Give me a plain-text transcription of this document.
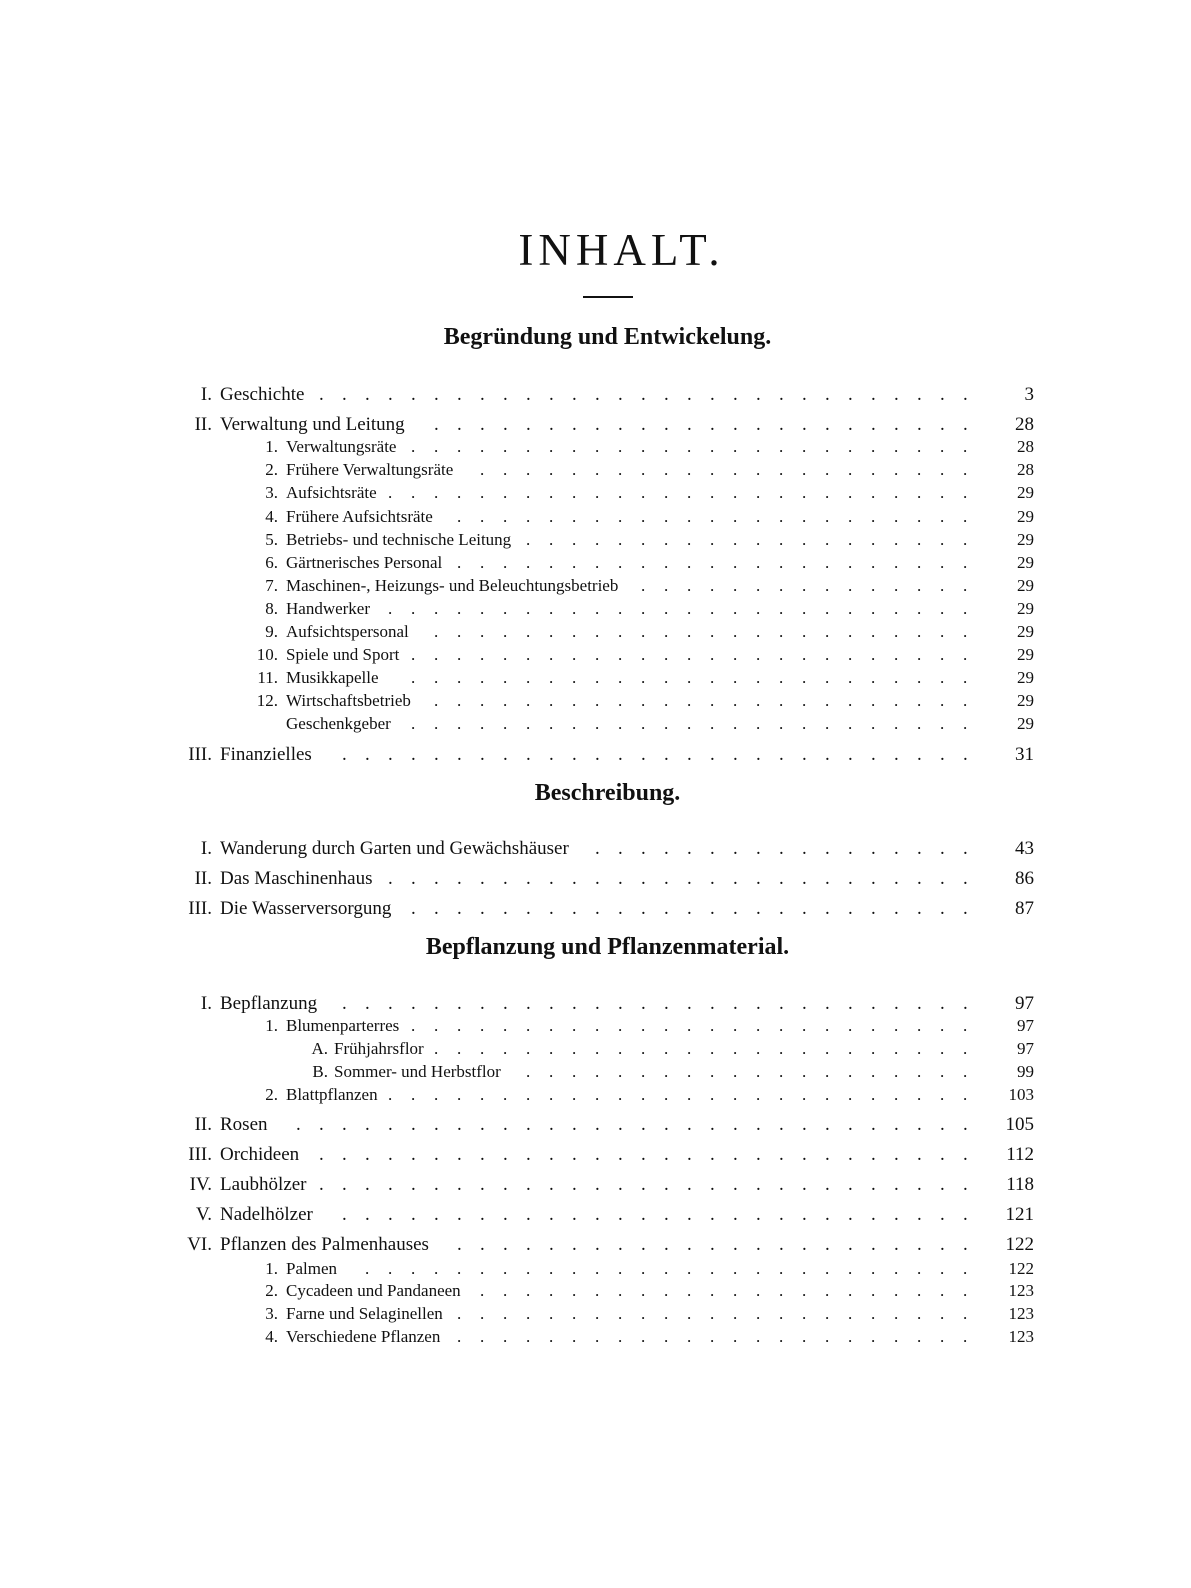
INHALT.
Begründung und Entwickelung.
Beschreibung.
Bepflanzung und Pflanzenmaterial.
I. Geschichte	3
. . . . . . . . . . . . . . . . . . . . . . . . . . . . .
II. Verwaltung und Leitung	28
. . . . . . . . . . . . . . . . . . . . . . . .
1. Verwaltungsräte	28
. . . . . . . . . . . . . . . . . . . . . . . . .
2. Frühere Verwaltungsräte	28
. . . . . . . . . . . . . . . . . . . . . .
3. Aufsichtsräte	29
. . . . . . . . . . . . . . . . . . . . . . . . . .
4. Frühere Aufsichtsräte	29
. . . . . . . . . . . . . . . . . . . . . . .
5. Betriebs- und technische Leitung	29
. . . . . . . . . . . . . . . . . . . .
6. Gärtnerisches Personal	29
. . . . . . . . . . . . . . . . . . . . . . .
7. Maschinen-, Heizungs- und Beleuchtungsbetrieb	29
. . . . . . . . . . . . . . .
8. Handwerker	29
. . . . . . . . . . . . . . . . . . . . . . . . . .
9. Aufsichtspersonal	29
. . . . . . . . . . . . . . . . . . . . . . . .
10. Spiele und Sport	29
. . . . . . . . . . . . . . . . . . . . . . . . .
11. Musikkapelle	29
. . . . . . . . . . . . . . . . . . . . . . . . .
12. Wirtschaftsbetrieb	29
. . . . . . . . . . . . . . . . . . . . . . . .
Geschenkgeber	29
. . . . . . . . . . . . . . . . . . . . . . . . .
III. Finanzielles	31
. . . . . . . . . . . . . . . . . . . . . . . . . . . .
I. Wanderung durch Garten und Gewächshäuser	43
. . . . . . . . . . . . . . . . .
II. Das Maschinenhaus	86
. . . . . . . . . . . . . . . . . . . . . . . . . .
III. Die Wasserversorgung	87
. . . . . . . . . . . . . . . . . . . . . . . . .
I. Bepflanzung	97
. . . . . . . . . . . . . . . . . . . . . . . . . . . .
1. Blumenparterres	97
. . . . . . . . . . . . . . . . . . . . . . . . .
A. Frühjahrsflor	97
. . . . . . . . . . . . . . . . . . . . . . . .
B. Sommer- und Herbstflor	99
. . . . . . . . . . . . . . . . . . . .
2. Blattpflanzen	103
. . . . . . . . . . . . . . . . . . . . . . . . . .
II. Rosen	105
. . . . . . . . . . . . . . . . . . . . . . . . . . . . . .
III. Orchideen	112
. . . . . . . . . . . . . . . . . . . . . . . . . . . . .
IV. Laubhölzer	118
. . . . . . . . . . . . . . . . . . . . . . . . . . . . .
V. Nadelhölzer	121
. . . . . . . . . . . . . . . . . . . . . . . . . . . .
VI. Pflanzen des Palmenhauses	122
. . . . . . . . . . . . . . . . . . . . . . .
1. Palmen	122
. . . . . . . . . . . . . . . . . . . . . . . . . . .
2. Cycadeen und Pandaneen	123
. . . . . . . . . . . . . . . . . . . . . .
3. Farne und Selaginellen	123
. . . . . . . . . . . . . . . . . . . . . . .
4. Verschiedene Pflanzen	123
. . . . . . . . . . . . . . . . . . . . . . .
